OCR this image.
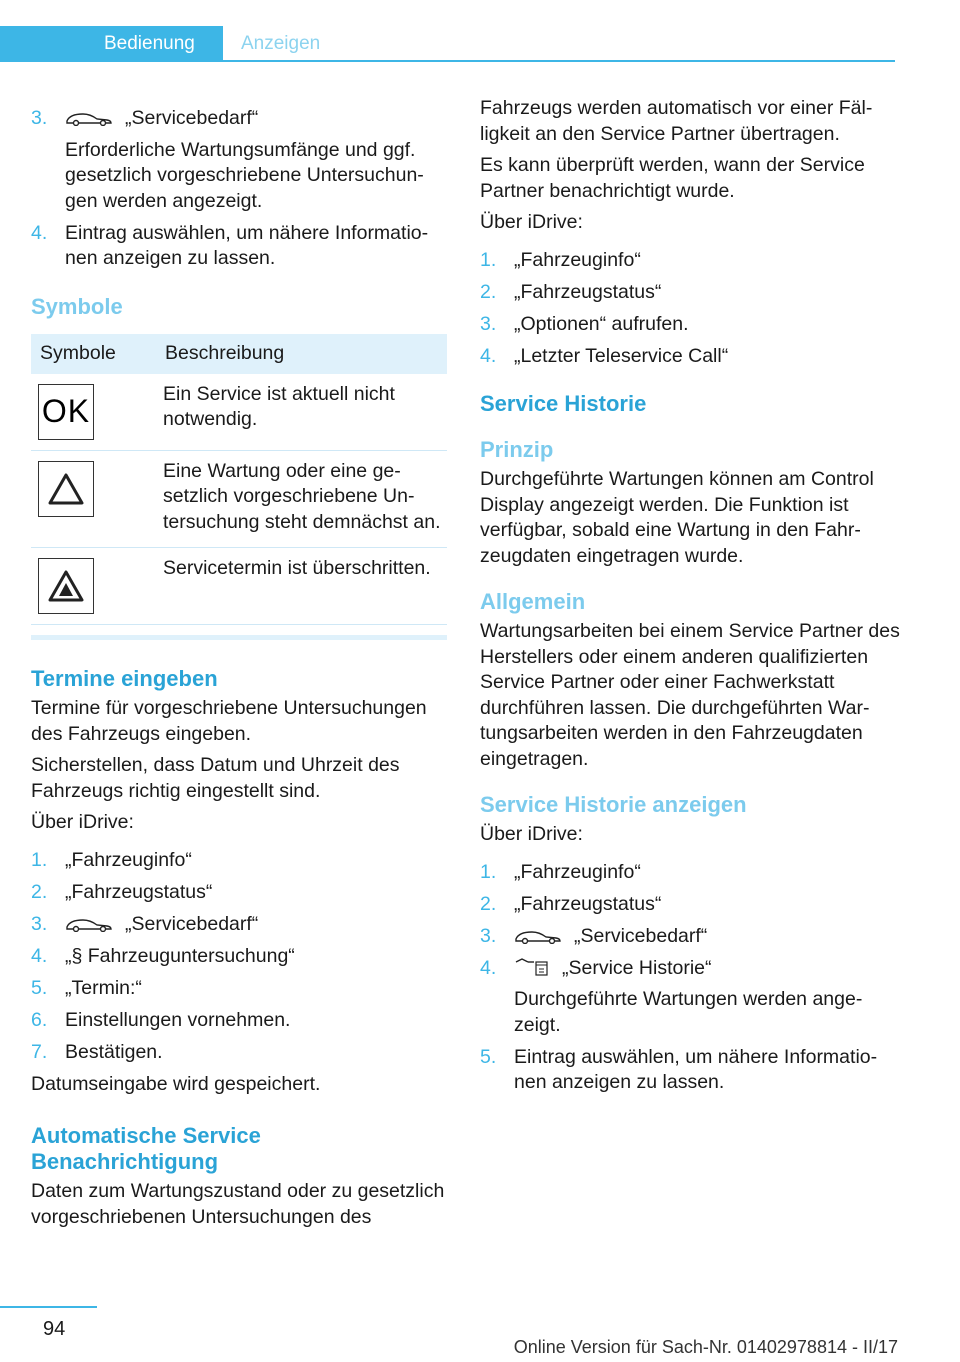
Bedienung	Anzeigen
3.	„Servicebedarf“
Erforderliche Wartungsumfänge und ggf. gesetzlich vorgeschriebene Untersuchungen werden angezeigt.
4. Eintrag auswählen, um nähere Informationen anzeigen zu lassen.
Symbole
Symbole	Beschreibung

OK	Ein Service ist aktuell nicht notwendig.

	Eine Wartung oder eine gesetzlich vorgeschriebene Untersuchung steht demnächst an.

	Servicetermin ist überschritten.
Termine eingeben

Termine für vorgeschriebene Untersuchungen des Fahrzeugs eingeben.

Sicherstellen, dass Datum und Uhrzeit des Fahrzeugs richtig eingestellt sind.

Über iDrive:

1. „Fahrzeuginfo“
2. „Fahrzeugstatus“
3.	„Servicebedarf“
4. „§ Fahrzeuguntersuchung“
5. „Termin:“
6. Einstellungen vornehmen.
7. Bestätigen.

Datumseingabe wird gespeichert.

Automatische Service Benachrichtigung

Daten zum Wartungszustand oder zu gesetzlich vorgeschriebenen Untersuchungen des

Fahrzeugs werden automatisch vor einer Fälligkeit an den Service Partner übertragen.

Es kann überprüft werden, wann der Service Partner benachrichtigt wurde.

Über iDrive:

1. „Fahrzeuginfo“
2. „Fahrzeugstatus“
3. „Optionen“ aufrufen.
4. „Letzter Teleservice Call“
Service Historie
Prinzip

Durchgeführte Wartungen können am Control Display angezeigt werden. Die Funktion ist verfügbar, sobald eine Wartung in den Fahrzeugdaten eingetragen wurde.

Allgemein

Wartungsarbeiten bei einem Service Partner des Herstellers oder einem anderen qualifizierten Service Partner oder einer Fachwerkstatt durchführen lassen. Die durchgeführten Wartungsarbeiten werden in den Fahrzeugdaten eingetragen.

Service Historie anzeigen

Über iDrive:

1. „Fahrzeuginfo“
2. „Fahrzeugstatus“
3.	„Servicebedarf“
4.	„Service Historie“
Durchgeführte Wartungen werden angezeigt.
5. Eintrag auswählen, um nähere Informationen anzeigen zu lassen.
94
Online Version für Sach-Nr. 01402978814 - II/17
